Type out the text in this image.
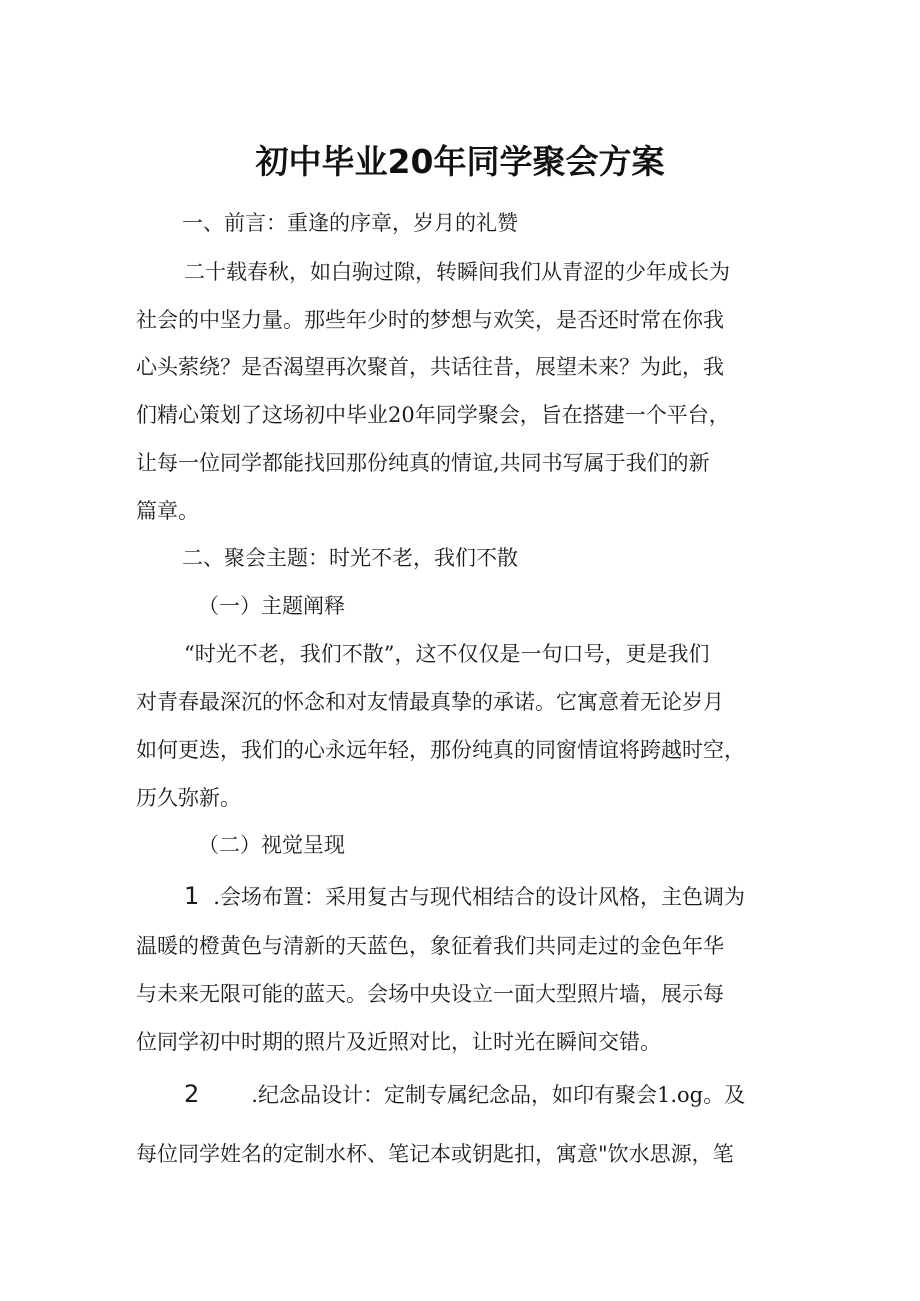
初中毕业20年同学聚会方案
一、前言：重逢的序章，岁月的礼赞
二十载春秋，如白驹过隙，转瞬间我们从青涩的少年成长为
社会的中坚力量。那些年少时的梦想与欢笑，是否还时常在你我
心头萦绕？是否渴望再次聚首，共话往昔，展望未来？为此，我
们精心策划了这场初中毕业20年同学聚会，旨在搭建一个平台，
让每一位同学都能找回那份纯真的情谊,共同书写属于我们的新
篇章。
二、聚会主题：时光不老，我们不散
（一）主题阐释
“时光不老，我们不散”，这不仅仅是一句口号，更是我们
对青春最深沉的怀念和对友情最真挚的承诺。它寓意着无论岁月
如何更迭，我们的心永远年轻，那份纯真的同窗情谊将跨越时空，
历久弥新。
（二）视觉呈现
1 .会场布置：采用复古与现代相结合的设计风格，主色调为
温暖的橙黄色与清新的天蓝色，象征着我们共同走过的金色年华
与未来无限可能的蓝天。会场中央设立一面大型照片墙，展示每
位同学初中时期的照片及近照对比，让时光在瞬间交错。
2 .纪念品设计：定制专属纪念品，如印有聚会1.og。及
每位同学姓名的定制水杯、笔记本或钥匙扣，寓意"饮水思源，笔
